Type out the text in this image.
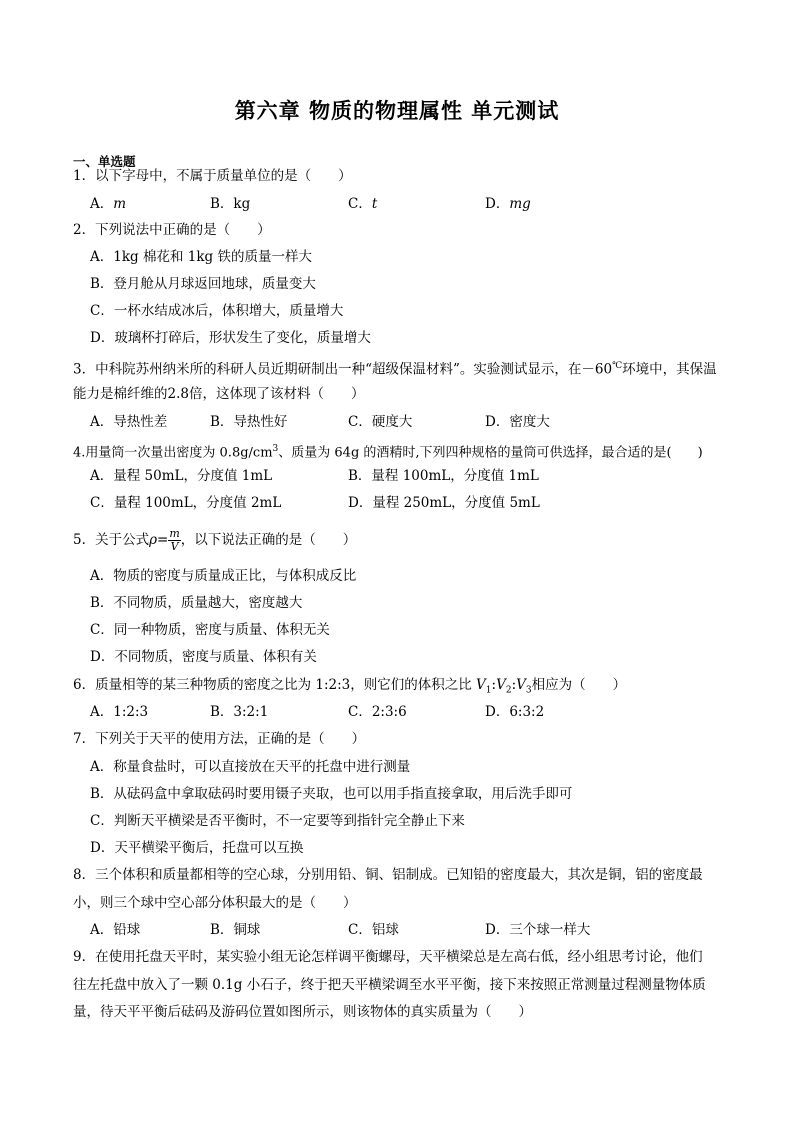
第六章 物质的物理属性 单元测试
一、单选题
1．以下字母中，不属于质量单位的是（　　）
A．m	B．kg	C．t	D．mg
2．下列说法中正确的是（　　）
A．1kg 棉花和 1kg 铁的质量一样大
B．登月舱从月球返回地球，质量变大
C．一杯水结成冰后，体积增大，质量增大
D．玻璃杯打碎后，形状发生了变化，质量增大
3．中科院苏州纳米所的科研人员近期研制出一种“超级保温材料”。实验测试显示，在－60℃环境中，其保温
能力是棉纤维的2.8倍，这体现了该材料（　　）
A．导热性差	B．导热性好	C．硬度大	D．密度大
4.用量筒一次量出密度为 $0.8g/cm^3$、质量为 64g 的酒精时,下列四种规格的量筒可供选择，最合适的是(　　)
A．量程 50mL，分度值 1mL	B．量程 100mL，分度值 1mL
C．量程 100mL，分度值 2mL	D．量程 250mL，分度值 5mL
5．关于公式$\rho= \frac{m}{V}$ ，以下说法正确的是（　　）
A．物质的密度与质量成正比，与体积成反比
B．不同物质，质量越大，密度越大
C．同一种物质，密度与质量、体积无关
D．不同物质，密度与质量、体积有关
6．质量相等的某三种物质的密度之比为 1:2:3，则它们的体积之比 $V_1:V_2:V_3$相应为（　　）
A．1:2:3	B．3:2:1	C．2:3:6	D．6:3:2
7．下列关于天平的使用方法，正确的是（　　）
A．称量食盐时，可以直接放在天平的托盘中进行测量
B．从砝码盒中拿取砝码时要用镊子夹取，也可以用手指直接拿取，用后洗手即可
C．判断天平横梁是否平衡时，不一定要等到指针完全静止下来
D．天平横梁平衡后，托盘可以互换
8．三个体积和质量都相等的空心球，分别用铅、铜、铝制成。已知铅的密度最大，其次是铜，铝的密度最
小，则三个球中空心部分体积最大的是（　　）
A．铅球	B．铜球	C．铝球	D．三个球一样大
9．在使用托盘天平时，某实验小组无论怎样调平衡螺母，天平横梁总是左高右低，经小组思考讨论，他们
往左托盘中放入了一颗 0.1g 小石子，终于把天平横梁调至水平平衡，接下来按照正常测量过程测量物体质
量，待天平平衡后砝码及游码位置如图所示，则该物体的真实质量为（　　）
